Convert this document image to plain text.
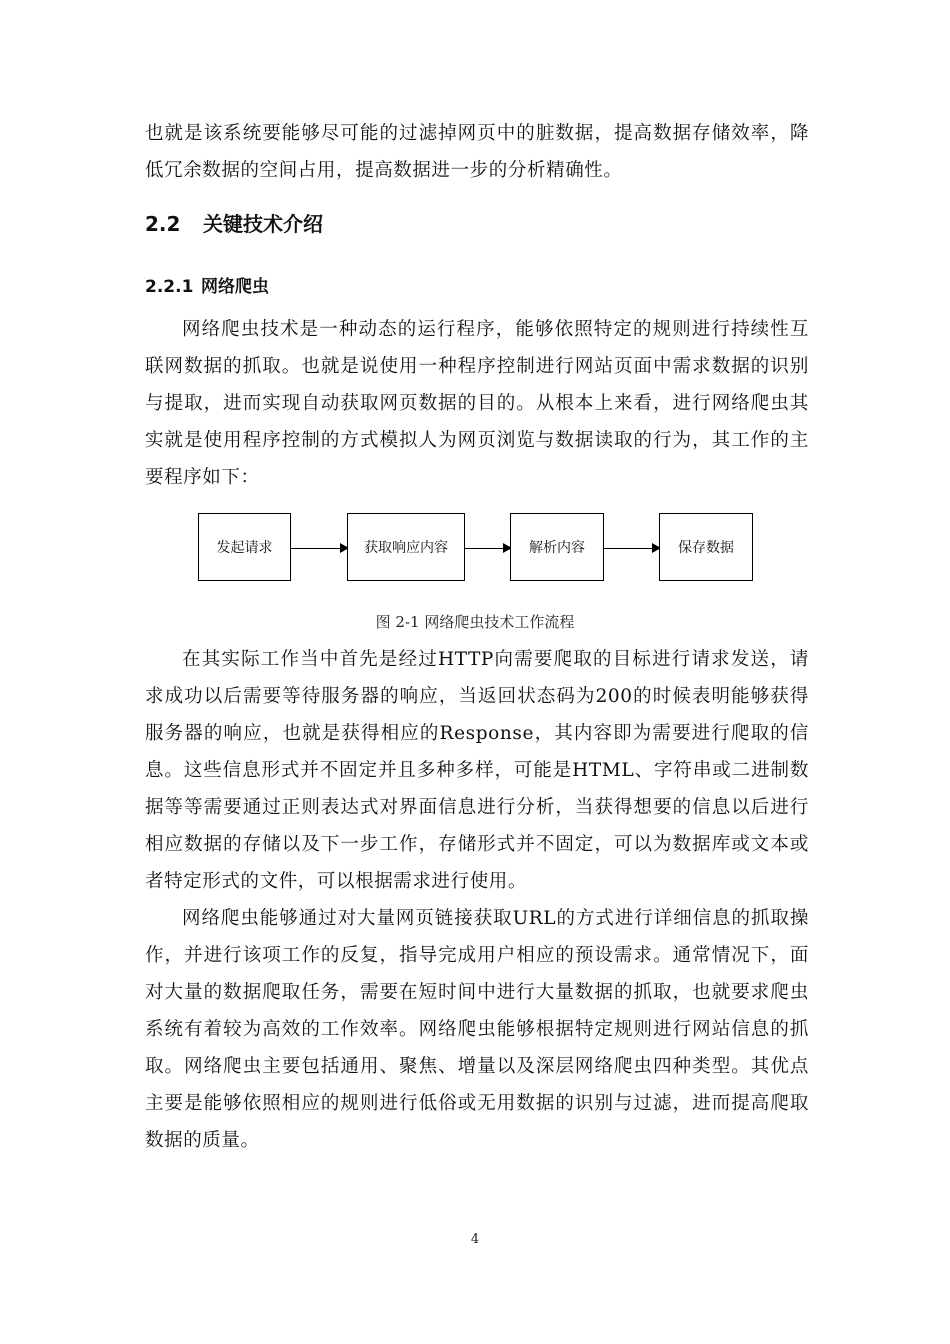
也就是该系统要能够尽可能的过滤掉网页中的脏数据，提高数据存储效率，降低冗余数据的空间占用，提高数据进一步的分析精确性。

2.2 关键技术介绍
2.2.1 网络爬虫

网络爬虫技术是一种动态的运行程序，能够依照特定的规则进行持续性互联网数据的抓取。也就是说使用一种程序控制进行网站页面中需求数据的识别与提取，进而实现自动获取网页数据的目的。从根本上来看，进行网络爬虫其实就是使用程序控制的方式模拟人为网页浏览与数据读取的行为，其工作的主要程序如下：

发起请求	获取响应内容	解析内容	保存数据

图 2-1 网络爬虫技术工作流程

在其实际工作当中首先是经过HTTP向需要爬取的目标进行请求发送，请求成功以后需要等待服务器的响应，当返回状态码为200的时候表明能够获得服务器的响应，也就是获得相应的Response，其内容即为需要进行爬取的信息。这些信息形式并不固定并且多种多样，可能是HTML、字符串或二进制数据等等需要通过正则表达式对界面信息进行分析，当获得想要的信息以后进行相应数据的存储以及下一步工作，存储形式并不固定，可以为数据库或文本或者特定形式的文件，可以根据需求进行使用。

网络爬虫能够通过对大量网页链接获取URL的方式进行详细信息的抓取操作，并进行该项工作的反复，指导完成用户相应的预设需求。通常情况下，面对大量的数据爬取任务，需要在短时间中进行大量数据的抓取，也就要求爬虫系统有着较为高效的工作效率。网络爬虫能够根据特定规则进行网站信息的抓取。网络爬虫主要包括通用、聚焦、增量以及深层网络爬虫四种类型。其优点主要是能够依照相应的规则进行低俗或无用数据的识别与过滤，进而提高爬取数据的质量。

4
